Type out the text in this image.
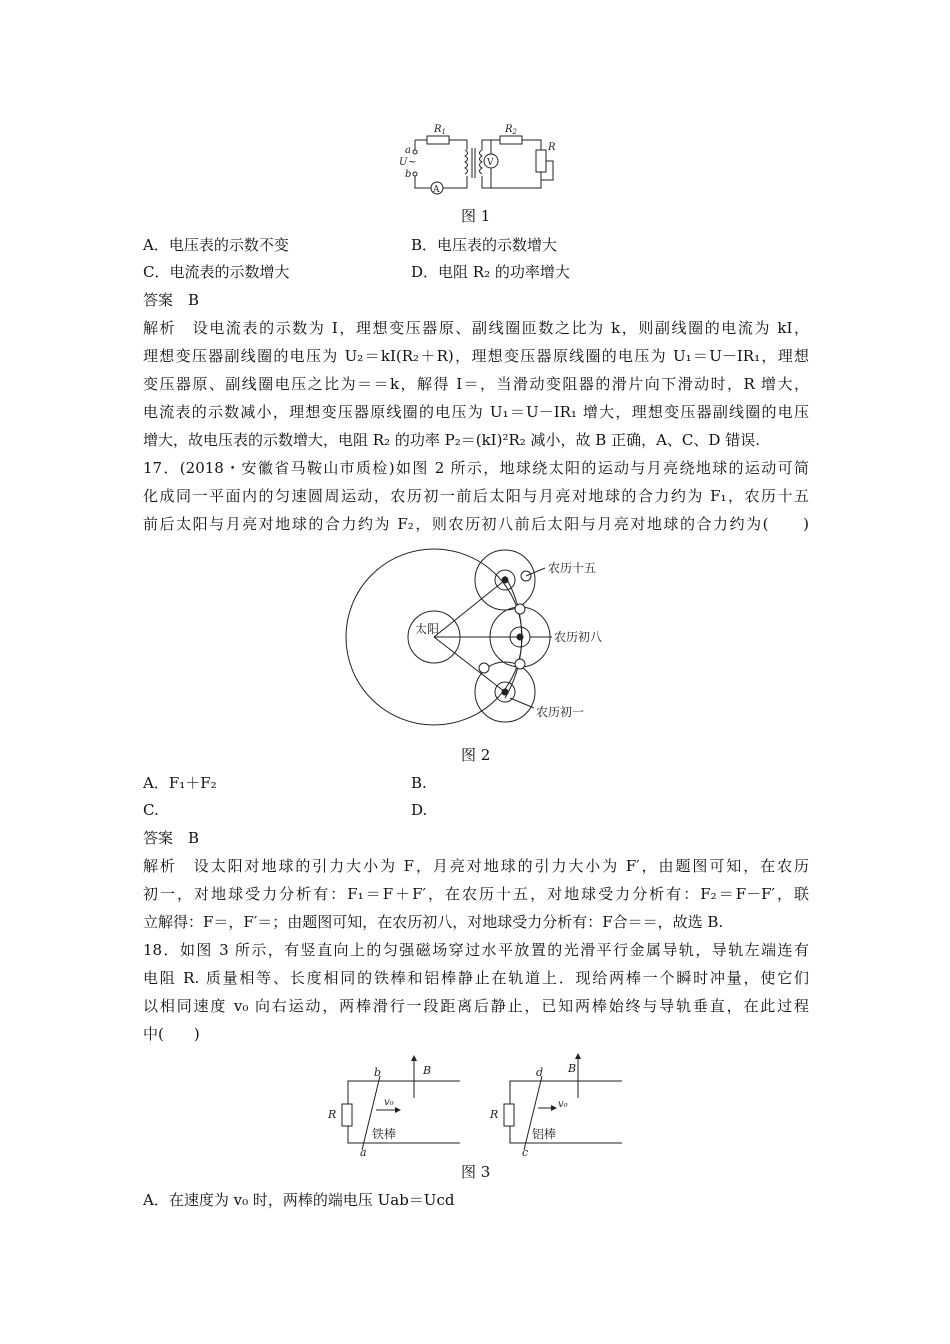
$R_1$	$R_2$
R
a
U ~
b
A
V
图 1
A．电压表的示数不变	B．电压表的示数增大
C．电流表的示数增大	D．电阻 R₂ 的功率增大
答案　B
解析　设电流表的示数为 I，理想变压器原、副线圈匝数之比为 k，则副线圈的电流为 kI，
理想变压器副线圈的电压为 U₂＝kI(R₂＋R)，理想变压器原线圈的电压为 U₁＝U－IR₁，理想
变压器原、副线圈电压之比为＝＝k，解得 I＝，当滑动变阻器的滑片向下滑动时，R 增大，
电流表的示数减小，理想变压器原线圈的电压为 U₁＝U－IR₁ 增大，理想变压器副线圈的电压
增大，故电压表的示数增大，电阻 R₂ 的功率 P₂＝(kI)²R₂ 减小，故 B 正确，A、C、D 错误.
17．(2018・安徽省马鞍山市质检)如图 2 所示，地球绕太阳的运动与月亮绕地球的运动可简
化成同一平面内的匀速圆周运动，农历初一前后太阳与月亮对地球的合力约为 F₁，农历十五
前后太阳与月亮对地球的合力约为 F₂，则农历初八前后太阳与月亮对地球的合力约为(　　)
太阳
农历十五
农历初八
农历初一
图 2
A．F₁＋F₂	B.
C.	D.
答案　B
解析　设太阳对地球的引力大小为 F，月亮对地球的引力大小为 F′，由题图可知，在农历
初一，对地球受力分析有：F₁＝F＋F′，在农历十五，对地球受力分析有：F₂＝F－F′，联
立解得：F＝，F′＝；由题图可知，在农历初八，对地球受力分析有：F合＝＝，故选 B.
18．如图 3 所示，有竖直向上的匀强磁场穿过水平放置的光滑平行金属导轨，导轨左端连有
电阻 R. 质量相等、长度相同的铁棒和铝棒静止在轨道上．现给两棒一个瞬时冲量，使它们
以相同速度 v₀ 向右运动，两棒滑行一段距离后静止，已知两棒始终与导轨垂直，在此过程
中(　　)
b
a
B
R
v₀
铁棒
d
c
B
R
v₀
铝棒
图 3
A．在速度为 v₀ 时，两棒的端电压 Uab＝Ucd
